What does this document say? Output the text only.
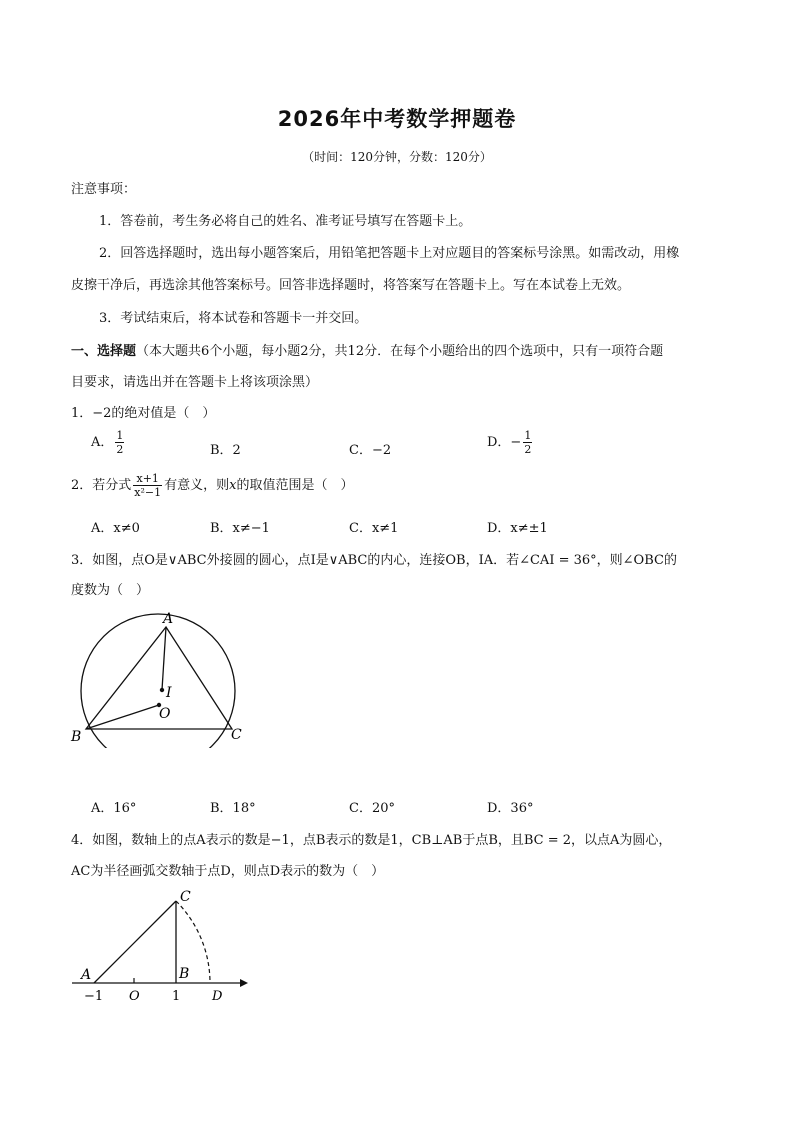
2026年中考数学押题卷
（时间：120分钟，分数：120分）
注意事项：
1．答卷前，考生务必将自己的姓名、准考证号填写在答题卡上。
2．回答选择题时，选出每小题答案后，用铅笔把答题卡上对应题目的答案标号涂黑。如需改动，用橡
皮擦干净后，再选涂其他答案标号。回答非选择题时，将答案写在答题卡上。写在本试卷上无效。
3．考试结束后，将本试卷和答题卡一并交回。
一、选择题（本大题共6个小题，每小题2分，共12分．在每个小题给出的四个选项中，只有一项符合题
目要求，请选出并在答题卡上将该项涂黑）
1．−2的绝对值是（　）
A． $\frac{1}{2}$	B．2	C．−2
D．− $\frac{1}{2}$
2．若分式 $\frac{x+1}{\text{x²−1}}$ 有意义，则x的取值范围是（　）
A．x≠0	B．x≠−1	C．x≠1	D．x≠±1
3．如图，点O是∨ABC外接圆的圆心，点I是∨ABC的内心，连接OB，IA．若∠CAI = 36°，则∠OBC的
度数为（　）
A
B	C
O
I
A．16°	B．18°	C．20°	D．36°
4．如图，数轴上的点A表示的数是−1，点B表示的数是1，CB⊥AB于点B，且BC = 2，以点A为圆心，
AC为半径画弧交数轴于点D，则点D表示的数为（　）
C
A	B
−1 O 1 D
